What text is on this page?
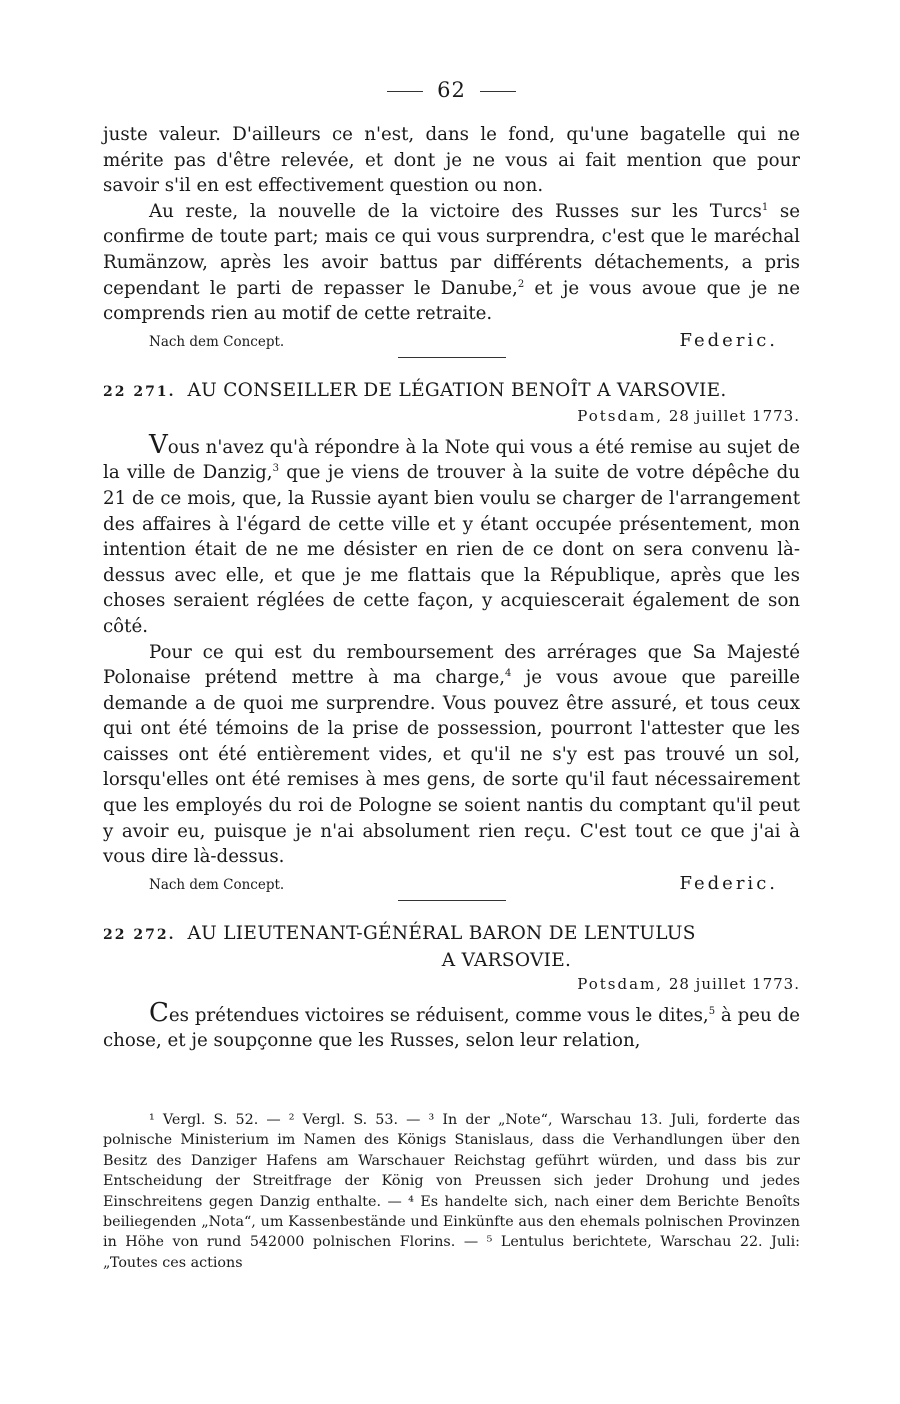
62

juste valeur. D'ailleurs ce n'est, dans le fond, qu'une bagatelle qui ne mérite pas d'être relevée, et dont je ne vous ai fait mention que pour savoir s'il en est effectivement question ou non.

Au reste, la nouvelle de la victoire des Russes sur les Turcs$^1$ se confirme de toute part; mais ce qui vous surprendra, c'est que le maréchal Rumänzow, après les avoir battus par différents détachements, a pris cependant le parti de repasser le Danube,$^2$ et je vous avoue que je ne comprends rien au motif de cette retraite.

Nach dem Concept.	Federic.
22 271. AU CONSEILLER DE LÉGATION BENOÎT A VARSOVIE.
Potsdam, 28 juillet 1773.

Vous n'avez qu'à répondre à la Note qui vous a été remise au sujet de la ville de Danzig,$^3$ que je viens de trouver à la suite de votre dépêche du 21 de ce mois, que, la Russie ayant bien voulu se charger de l'arrangement des affaires à l'égard de cette ville et y étant occupée présentement, mon intention était de ne me désister en rien de ce dont on sera convenu là-dessus avec elle, et que je me flattais que la République, après que les choses seraient réglées de cette façon, y acquiescerait également de son côté.

Pour ce qui est du remboursement des arrérages que Sa Majesté Polonaise prétend mettre à ma charge,$^4$ je vous avoue que pareille demande a de quoi me surprendre. Vous pouvez être assuré, et tous ceux qui ont été témoins de la prise de possession, pourront l'attester que les caisses ont été entièrement vides, et qu'il ne s'y est pas trouvé un sol, lorsqu'elles ont été remises à mes gens, de sorte qu'il faut nécessairement que les employés du roi de Pologne se soient nantis du comptant qu'il peut y avoir eu, puisque je n'ai absolument rien reçu. C'est tout ce que j'ai à vous dire là-dessus.

Nach dem Concept.	Federic.
22 272. AU LIEUTENANT-GÉNÉRAL BARON DE LENTULUS
A VARSOVIE.
Potsdam, 28 juillet 1773.

Ces prétendues victoires se réduisent, comme vous le dites,$^5$ à peu de chose, et je soupçonne que les Russes, selon leur relation,

¹ Vergl. S. 52. — ² Vergl. S. 53. — ³ In der „Note“, Warschau 13. Juli, forderte das polnische Ministerium im Namen des Königs Stanislaus, dass die Verhandlungen über den Besitz des Danziger Hafens am Warschauer Reichstag geführt würden, und dass bis zur Entscheidung der Streitfrage der König von Preussen sich jeder Drohung und jedes Einschreitens gegen Danzig enthalte. — ⁴ Es handelte sich, nach einer dem Berichte Benoîts beiliegenden „Nota“, um Kassenbestände und Einkünfte aus den ehemals polnischen Provinzen in Höhe von rund 542000 polnischen Florins. — ⁵ Lentulus berichtete, Warschau 22. Juli: „Toutes ces actions
